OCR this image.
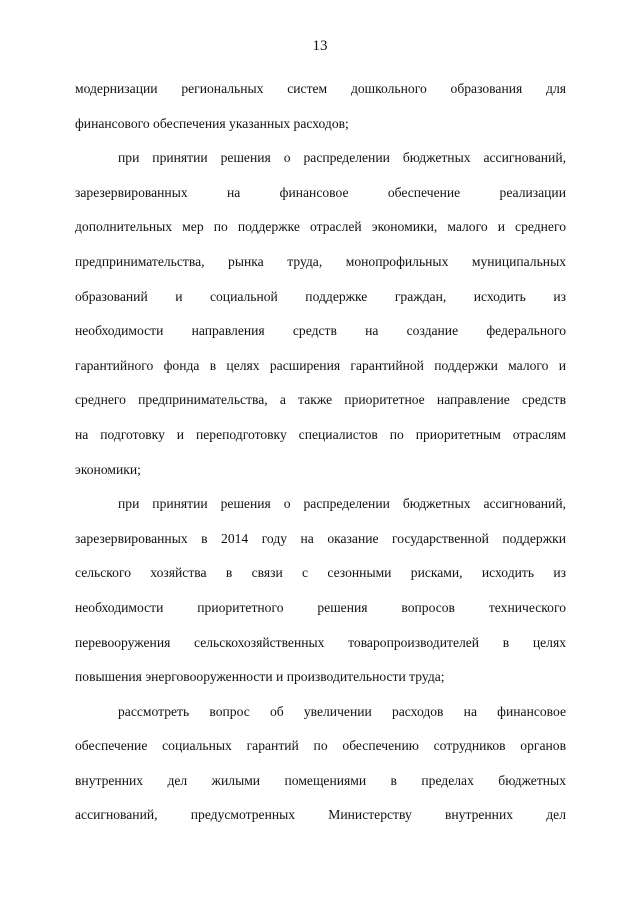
13
модернизации региональных систем дошкольного образования для
финансового обеспечения указанных расходов;
при принятии решения о распределении бюджетных ассигнований,
зарезервированных на финансовое обеспечение реализации
дополнительных мер по поддержке отраслей экономики, малого и среднего
предпринимательства, рынка труда, монопрофильных муниципальных
образований и социальной поддержке граждан, исходить из
необходимости направления средств на создание федерального
гарантийного фонда в целях расширения гарантийной поддержки малого и
среднего предпринимательства, а также приоритетное направление средств
на подготовку и переподготовку специалистов по приоритетным отраслям
экономики;
при принятии решения о распределении бюджетных ассигнований,
зарезервированных в 2014 году на оказание государственной поддержки
сельского хозяйства в связи с сезонными рисками, исходить из
необходимости приоритетного решения вопросов технического
перевооружения сельскохозяйственных товаропроизводителей в целях
повышения энерговооруженности и производительности труда;
рассмотреть вопрос об увеличении расходов на финансовое
обеспечение социальных гарантий по обеспечению сотрудников органов
внутренних дел жилыми помещениями в пределах бюджетных
ассигнований, предусмотренных Министерству внутренних дел
